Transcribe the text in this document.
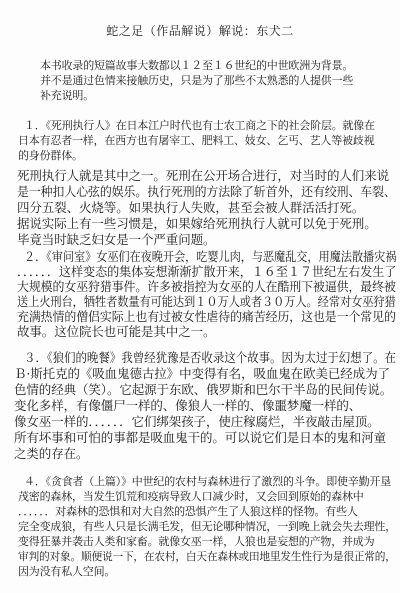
蛇之足（作品解说）解说：东犬二
本书收录的短篇故事大数都以１２至１６世纪的中世欧洲为背景。
并不是通过色情来接触历史，只是为了那些不太熟悉的人提供一些
补充说明。
１．《死刑执行人》在日本江户时代也有士农工商之下的社会阶层。就像在
日本有忍者一样，在西方也有屠宰工、肥料工、妓女、乞丐、艺人等被歧视
的身份群体。
死刑执行人就是其中之一。死刑在公开场合进行，对当时的人们来说
是一种扣人心弦的娱乐。执行死刑的方法除了斩首外，还有绞刑、车裂、
四分五裂、火烧等。如果执行人失败，甚至会被人群活活打死。
据说实际上有一些习惯是，如果嫁给死刑执行人就可以免于死刑。
毕竟当时缺乏妇女是一个严重问题。
２．《审问室》女巫们在夜晚开会，吃婴儿肉，与恶魔乱交，用魔法散播灾祸
．．．．．．这样变态的集体妄想渐渐扩散开来，１６至１７世纪左右发生了
大规模的女巫狩猎事件。许多被指控为女巫的人在酷刑下被逼供，最终被
送上火刑台，牺牲者数量有可能达到１０万人或者３０万人。经常对女巫狩猎
充满热情的僧侣实际上也有过被女性虐待的痛苦经历，这也是一个常见的
故事。这位院长也可能是其中之一。
３．《狼们的晚餐》我曾经犹豫是否收录这个故事。因为太过于幻想了。在
Ｂ·斯托克的《吸血鬼德古拉》中变得有名，吸血鬼在欧美已经成为了
色情的经典（笑）。它起源于东欧、俄罗斯和巴尔干半岛的民间传说。
变化多样，有像僵尸一样的、像狼人一样的、像噩梦魔一样的、
像女巫一样的．．．．．．它们绑架孩子，使庄稼腐烂，半夜敲击屋顶。
所有坏事和可怕的事都是吸血鬼干的。可以说它们是日本的鬼和河童
之类的存在。
４．《贪食者（上篇）》中世纪的农村与森林进行了激烈的斗争。即使辛勤开垦
茂密的森林，当发生饥荒和疫病导致人口减少时，又会回到原始的森林中
．．．．．．对森林的恐惧和对大自然的恐惧产生了人狼这样的怪物。有些人
完全变成狼，有些人只是长满毛发，但无论哪种情况，一到晚上就会失去理性，
变得狂暴并袭击人类和家畜。就像女巫一样，人狼也是妄想的产物，并成为
审判的对象。顺便说一下，在农村，白天在森林或田地里发生性行为是很正常的，
因为没有私人空间。
